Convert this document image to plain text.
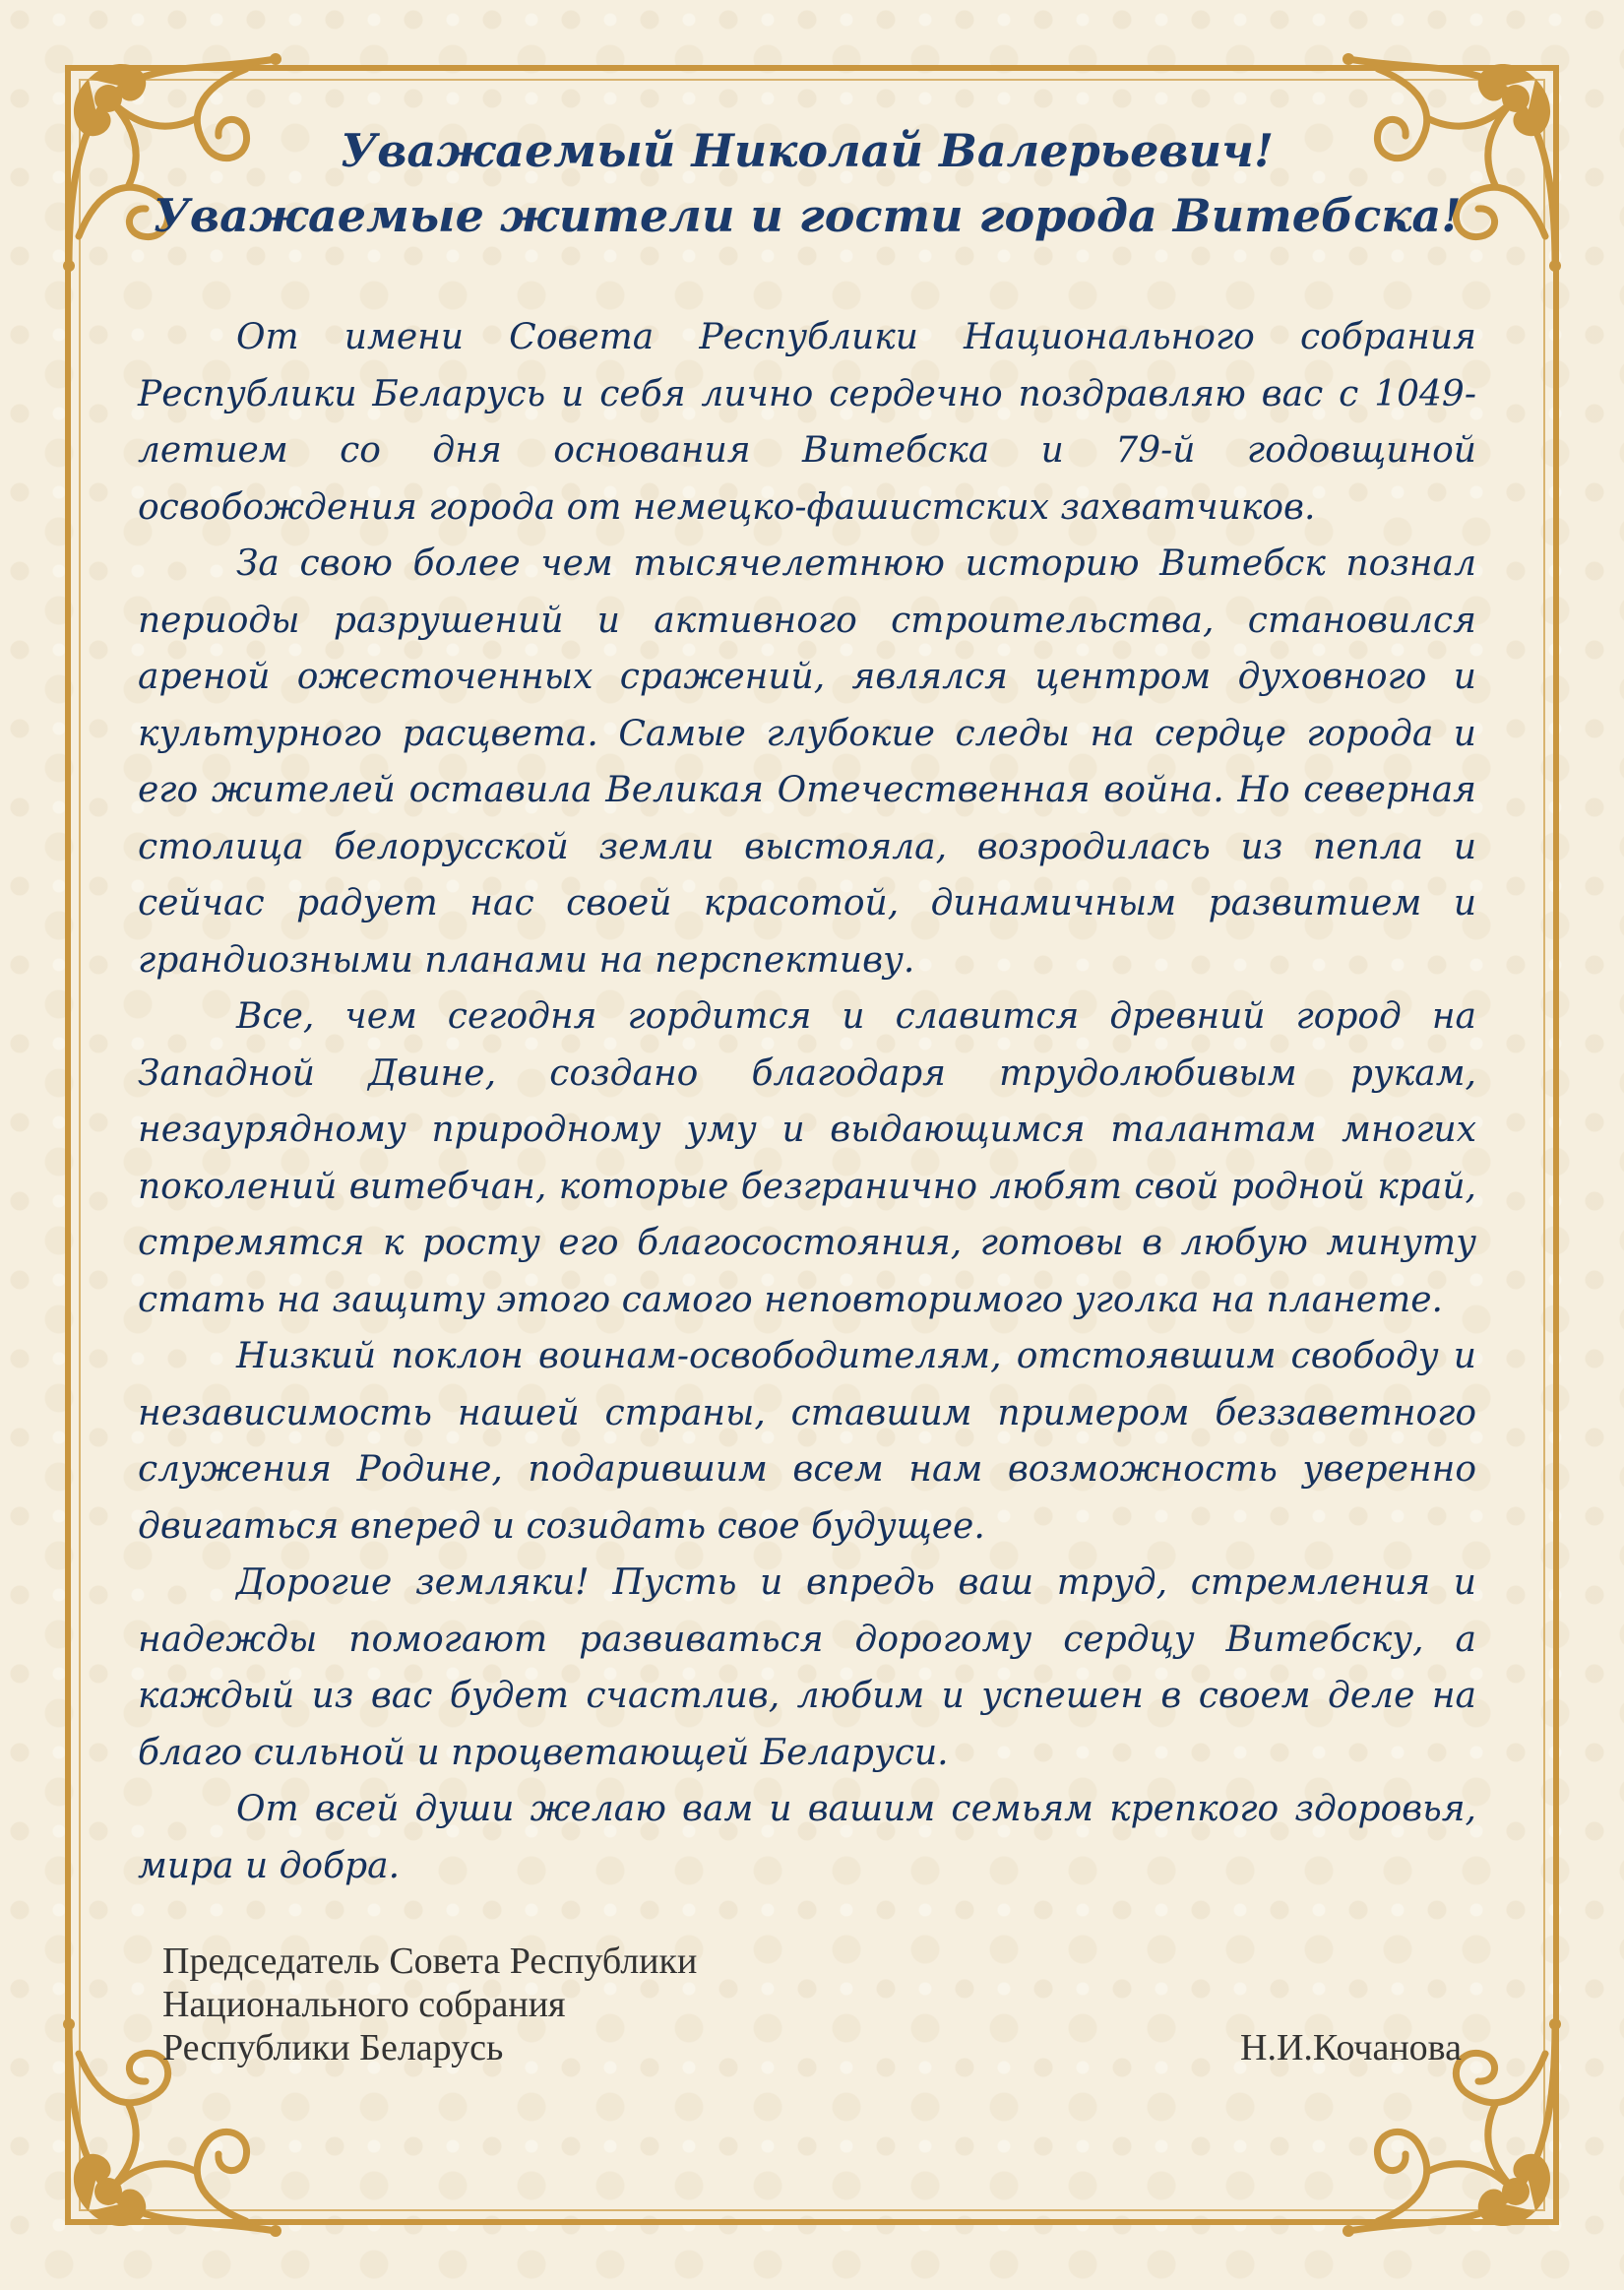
Уважаемый Николай Валерьевич!
Уважаемые жители и гости города Витебска!

От имени Совета Республики Национального собрания Республики Беларусь и себя лично сердечно поздравляю вас с 1049-летием со дня основания Витебска и 79-й годовщиной освобождения города от немецко-фашистских захватчиков.

За свою более чем тысячелетнюю историю Витебск познал периоды разрушений и активного строительства, становился ареной ожесточенных сражений, являлся центром духовного и культурного расцвета. Самые глубокие следы на сердце города и его жителей оставила Великая Отечественная война. Но северная столица белорусской земли выстояла, возродилась из пепла и сейчас радует нас своей красотой, динамичным развитием и грандиозными планами на перспективу.

Все, чем сегодня гордится и славится древний город на Западной Двине, создано благодаря трудолюбивым рукам, незаурядному природному уму и выдающимся талантам многих поколений витебчан, которые безгранично любят свой родной край, стремятся к росту его благосостояния, готовы в любую минуту стать на защиту этого самого неповторимого уголка на планете.

Низкий поклон воинам-освободителям, отстоявшим свободу и независимость нашей страны, ставшим примером беззаветного служения Родине, подарившим всем нам возможность уверенно двигаться вперед и созидать свое будущее.

Дорогие земляки! Пусть и впредь ваш труд, стремления и надежды помогают развиваться дорогому сердцу Витебску, а каждый из вас будет счастлив, любим и успешен в своем деле на благо сильной и процветающей Беларуси.

От всей души желаю вам и вашим семьям крепкого здоровья, мира и добра.

Председатель Совета Республики
Национального собрания
Республики Беларусь	Н.И.Кочанова
